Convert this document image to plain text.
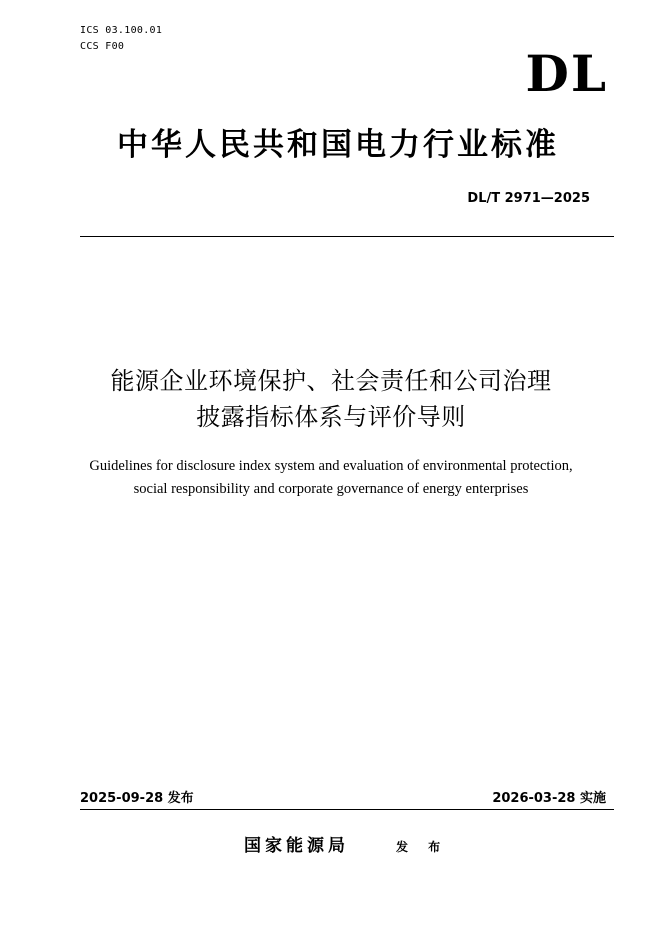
ICS 03.100.01
CCS F00	DL
中华人民共和国电力行业标准
DL/T 2971—2025
能源企业环境保护、社会责任和公司治理
披露指标体系与评价导则
Guidelines for disclosure index system and evaluation of environmental protection,
social responsibility and corporate governance of energy enterprises
2025-09-28 发布	2026-03-28 实施
国家能源局	发 布
